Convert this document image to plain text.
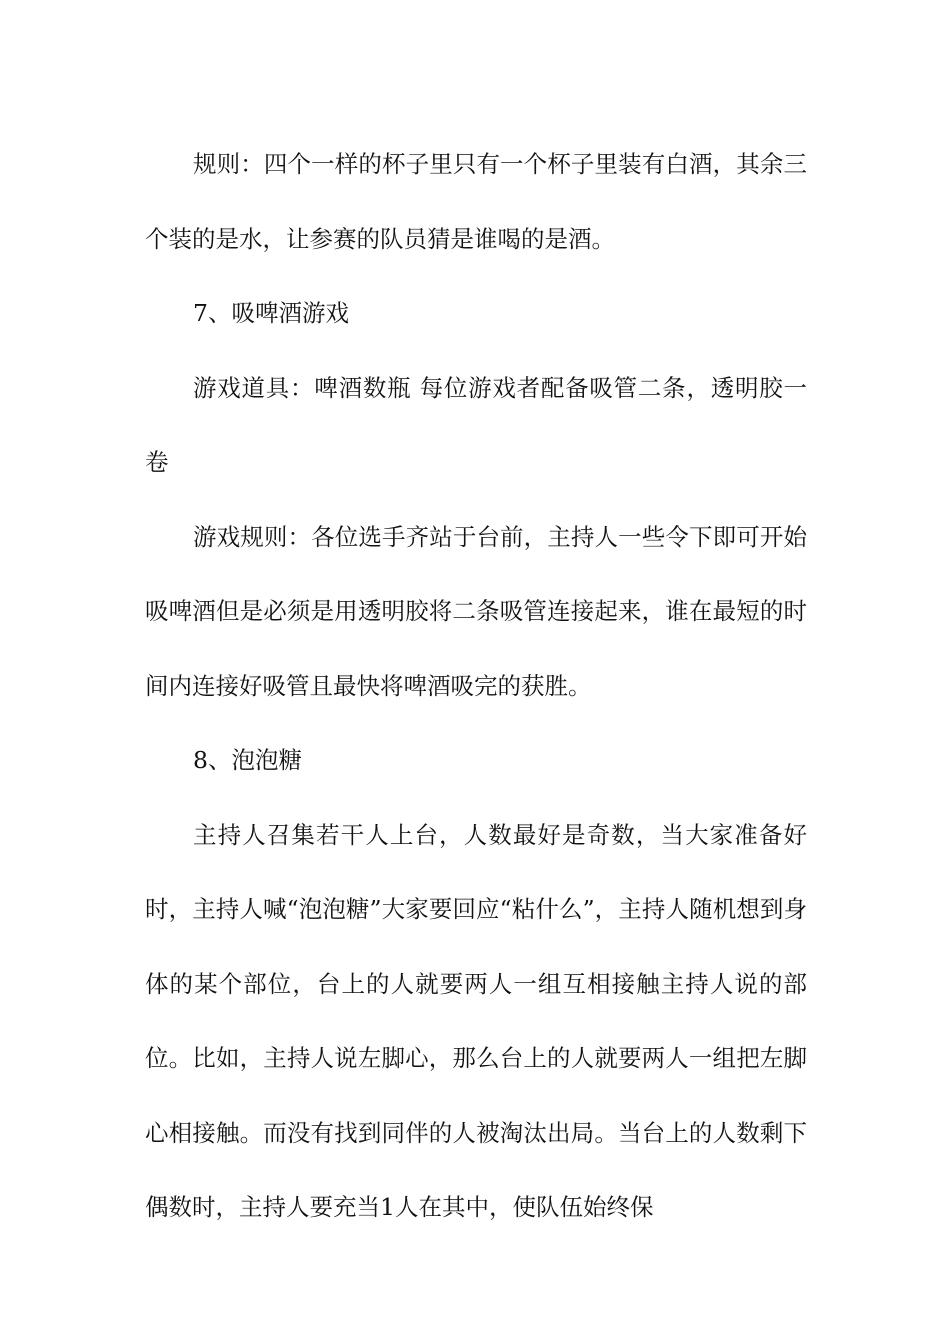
规则：四个一样的杯子里只有一个杯子里装有白酒，其余三个装的是水，让参赛的队员猜是谁喝的是酒。

7、吸啤酒游戏

游戏道具：啤酒数瓶 每位游戏者配备吸管二条，透明胶一卷

游戏规则：各位选手齐站于台前，主持人一些令下即可开始吸啤酒但是必须是用透明胶将二条吸管连接起来，谁在最短的时间内连接好吸管且最快将啤酒吸完的获胜。

8、泡泡糖

主持人召集若干人上台，人数最好是奇数，当大家准备好时，主持人喊“泡泡糖”大家要回应“粘什么”，主持人随机想到身体的某个部位，台上的人就要两人一组互相接触主持人说的部位。比如，主持人说左脚心，那么台上的人就要两人一组把左脚心相接触。而没有找到同伴的人被淘汰出局。当台上的人数剩下偶数时，主持人要充当1人在其中，使队伍始终保
